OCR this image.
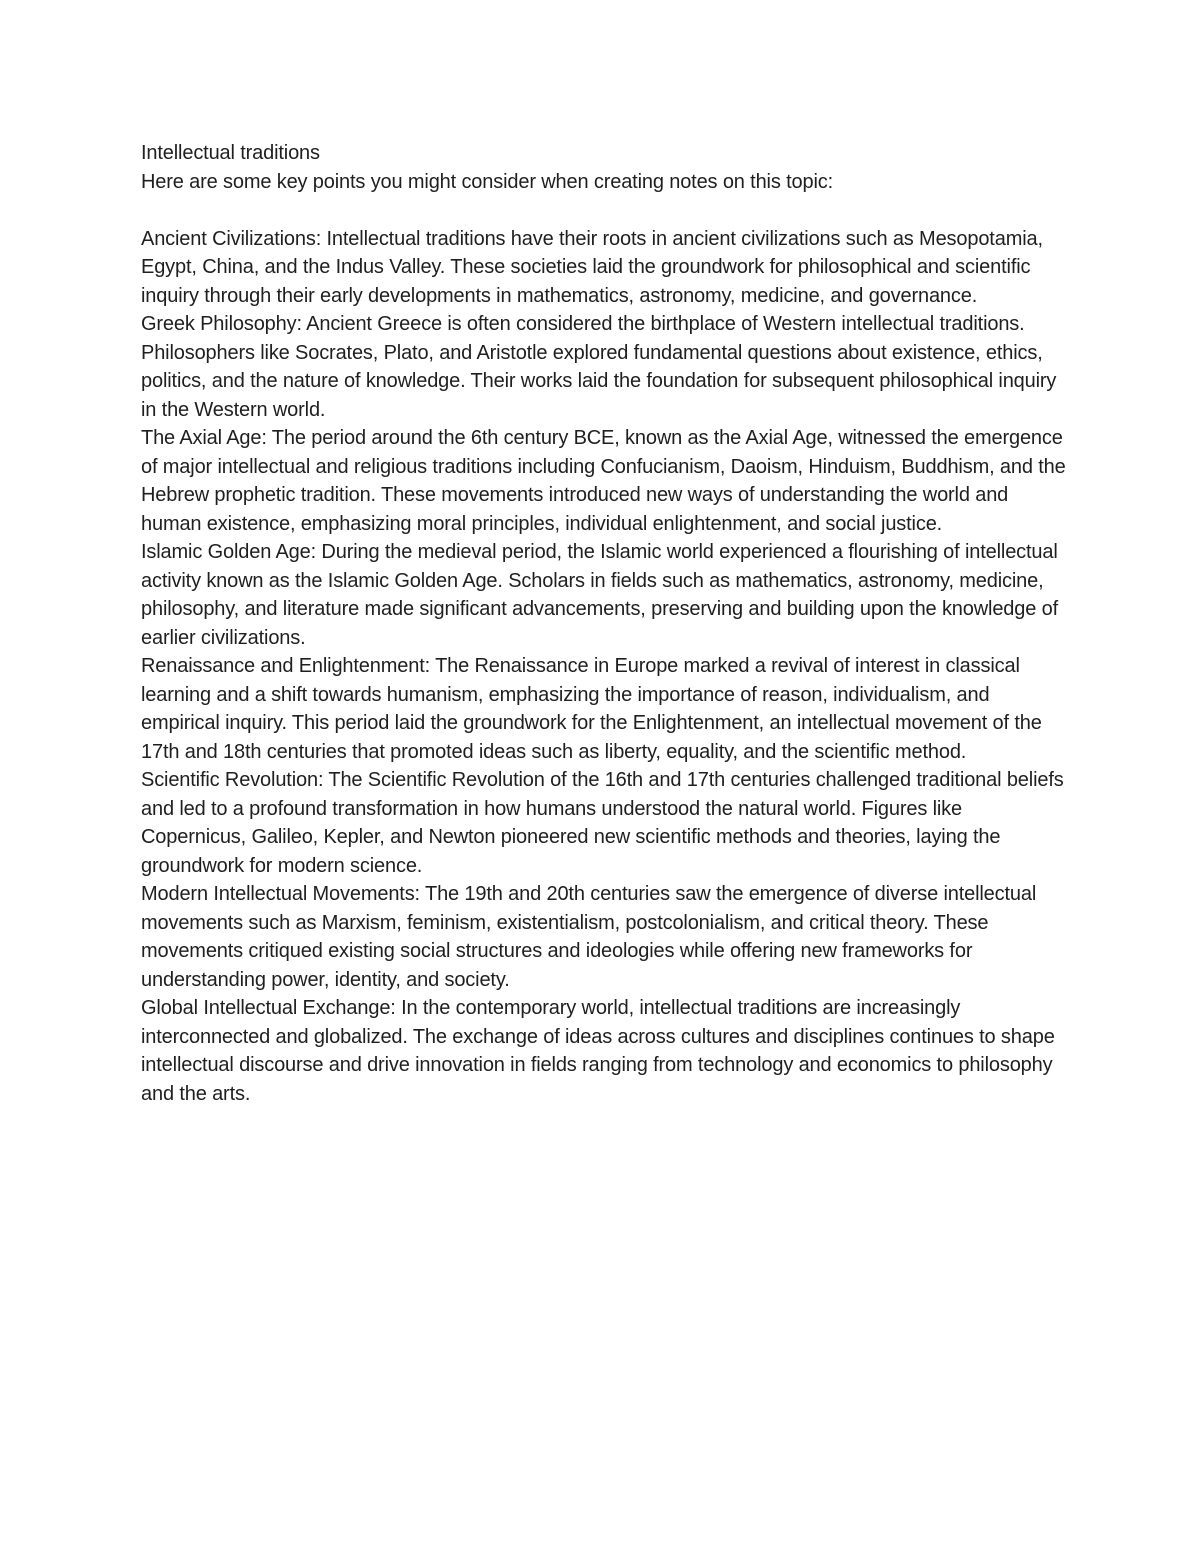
Intellectual traditions

Here are some key points you might consider when creating notes on this topic:

Ancient Civilizations: Intellectual traditions have their roots in ancient civilizations such as Mesopotamia, Egypt, China, and the Indus Valley. These societies laid the groundwork for philosophical and scientific inquiry through their early developments in mathematics, astronomy, medicine, and governance.

Greek Philosophy: Ancient Greece is often considered the birthplace of Western intellectual traditions. Philosophers like Socrates, Plato, and Aristotle explored fundamental questions about existence, ethics, politics, and the nature of knowledge. Their works laid the foundation for subsequent philosophical inquiry in the Western world.

The Axial Age: The period around the 6th century BCE, known as the Axial Age, witnessed the emergence of major intellectual and religious traditions including Confucianism, Daoism, Hinduism, Buddhism, and the Hebrew prophetic tradition. These movements introduced new ways of understanding the world and human existence, emphasizing moral principles, individual enlightenment, and social justice.

Islamic Golden Age: During the medieval period, the Islamic world experienced a flourishing of intellectual activity known as the Islamic Golden Age. Scholars in fields such as mathematics, astronomy, medicine, philosophy, and literature made significant advancements, preserving and building upon the knowledge of earlier civilizations.

Renaissance and Enlightenment: The Renaissance in Europe marked a revival of interest in classical learning and a shift towards humanism, emphasizing the importance of reason, individualism, and empirical inquiry. This period laid the groundwork for the Enlightenment, an intellectual movement of the 17th and 18th centuries that promoted ideas such as liberty, equality, and the scientific method.

Scientific Revolution: The Scientific Revolution of the 16th and 17th centuries challenged traditional beliefs and led to a profound transformation in how humans understood the natural world. Figures like Copernicus, Galileo, Kepler, and Newton pioneered new scientific methods and theories, laying the groundwork for modern science.

Modern Intellectual Movements: The 19th and 20th centuries saw the emergence of diverse intellectual movements such as Marxism, feminism, existentialism, postcolonialism, and critical theory. These movements critiqued existing social structures and ideologies while offering new frameworks for understanding power, identity, and society.

Global Intellectual Exchange: In the contemporary world, intellectual traditions are increasingly interconnected and globalized. The exchange of ideas across cultures and disciplines continues to shape intellectual discourse and drive innovation in fields ranging from technology and economics to philosophy and the arts.
